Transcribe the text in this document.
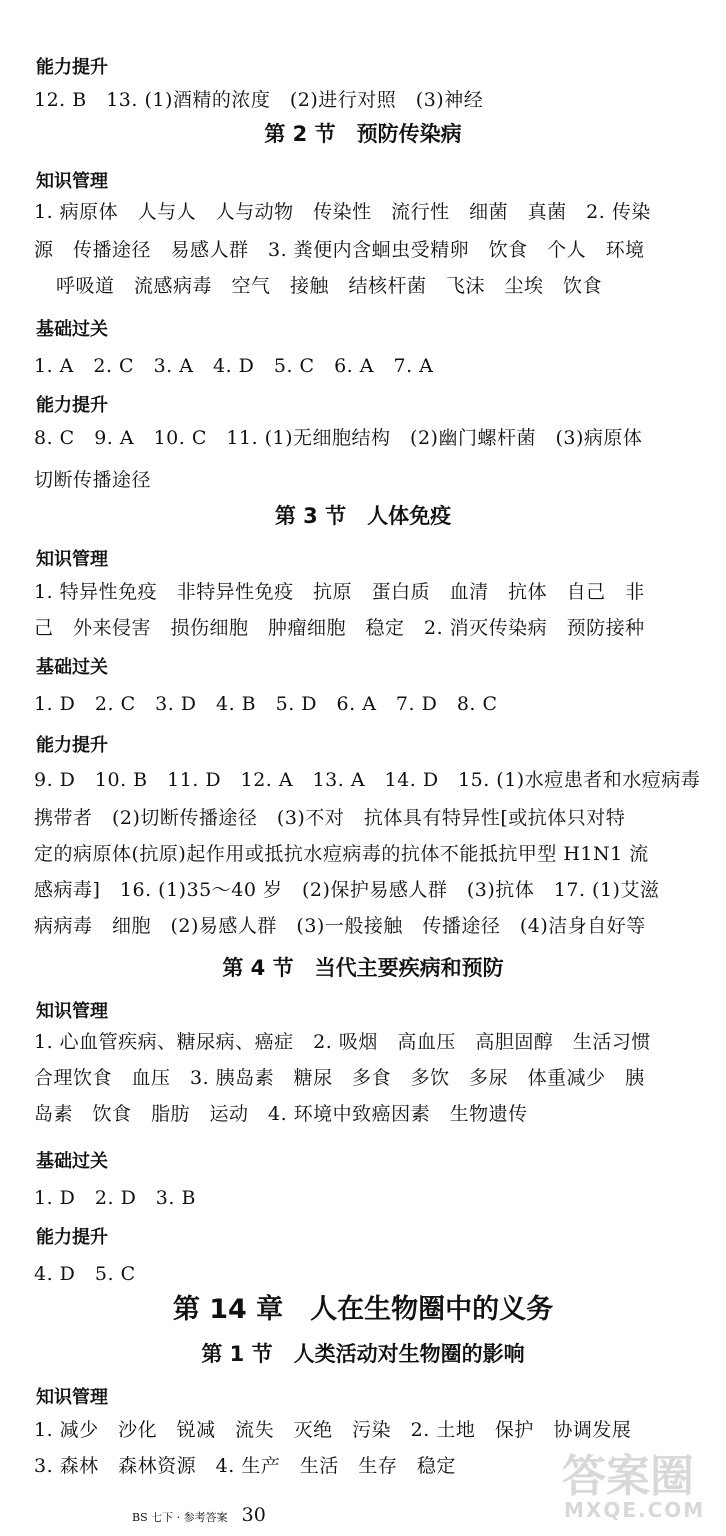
能力提升
12. B　13. (1)酒精的浓度　(2)进行对照　(3)神经
第 2 节　预防传染病
知识管理
1. 病原体　人与人　人与动物　传染性　流行性　细菌　真菌　2. 传染
源　传播途径　易感人群　3. 粪便内含蛔虫受精卵　饮食　个人　环境
呼吸道　流感病毒　空气　接触　结核杆菌　飞沫　尘埃　饮食
基础过关
1. A　2. C　3. A　4. D　5. C　6. A　7. A
能力提升
8. C　9. A　10. C　11. (1)无细胞结构　(2)幽门螺杆菌　(3)病原体
切断传播途径
第 3 节　人体免疫
知识管理
1. 特异性免疫　非特异性免疫　抗原　蛋白质　血清　抗体　自己　非
己　外来侵害　损伤细胞　肿瘤细胞　稳定　2. 消灭传染病　预防接种
基础过关
1. D　2. C　3. D　4. B　5. D　6. A　7. D　8. C
能力提升
9. D　10. B　11. D　12. A　13. A　14. D　15. (1)水痘患者和水痘病毒
携带者　(2)切断传播途径　(3)不对　抗体具有特异性[或抗体只对特
定的病原体(抗原)起作用或抵抗水痘病毒的抗体不能抵抗甲型 H1N1 流
感病毒]　16. (1)35～40 岁　(2)保护易感人群　(3)抗体　17. (1)艾滋
病病毒　细胞　(2)易感人群　(3)一般接触　传播途径　(4)洁身自好等
第 4 节　当代主要疾病和预防
知识管理
1. 心血管疾病、糖尿病、癌症　2. 吸烟　高血压　高胆固醇　生活习惯
合理饮食　血压　3. 胰岛素　糖尿　多食　多饮　多尿　体重减少　胰
岛素　饮食　脂肪　运动　4. 环境中致癌因素　生物遗传
基础过关
1. D　2. D　3. B
能力提升
4. D　5. C
第 14 章　人在生物圈中的义务
第 1 节　人类活动对生物圈的影响
知识管理
1. 减少　沙化　锐减　流失　灭绝　污染　2. 土地　保护　协调发展
3. 森林　森林资源　4. 生产　生活　生存　稳定
BS 七下 · 参考答案 30
答案圈
MXQE.COM
